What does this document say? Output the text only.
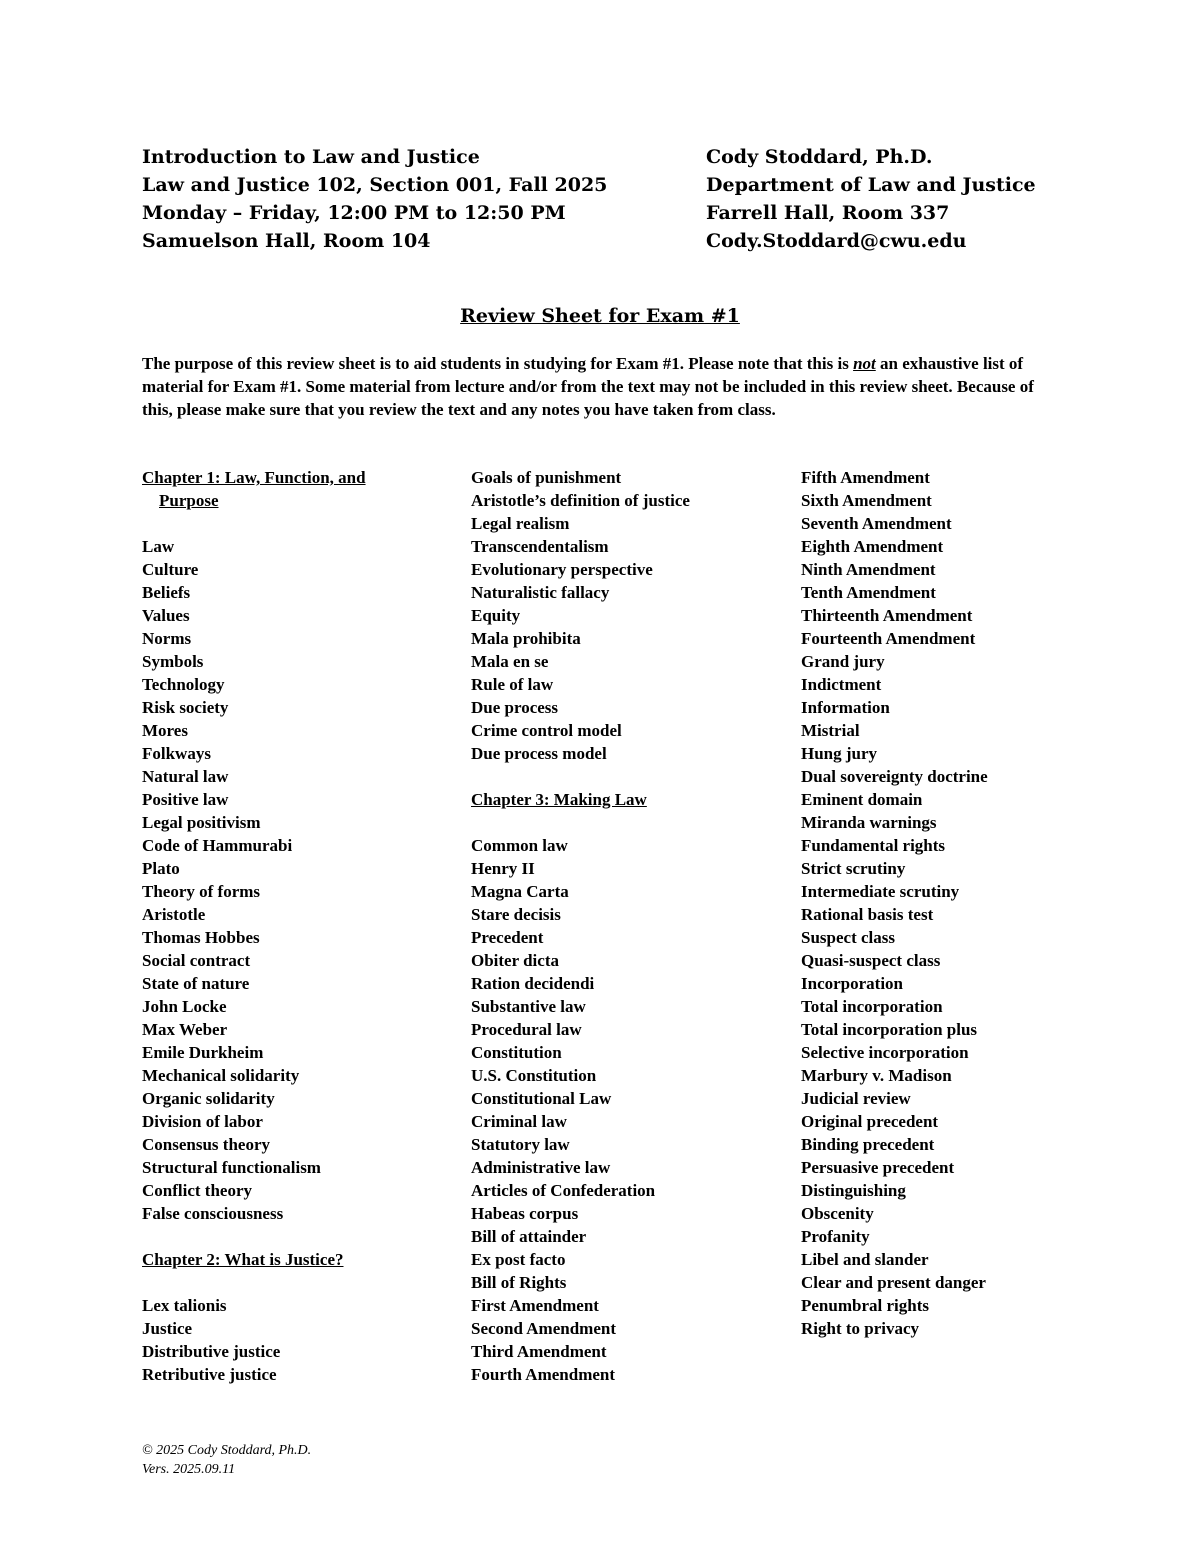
Introduction to Law and Justice
Law and Justice 102, Section 001, Fall 2025
Monday – Friday, 12:00 PM to 12:50 PM
Samuelson Hall, Room 104
Cody Stoddard, Ph.D.
Department of Law and Justice
Farrell Hall, Room 337
Cody.Stoddard@cwu.edu
Review Sheet for Exam #1
The purpose of this review sheet is to aid students in studying for Exam #1. Please note that this is not an exhaustive list of material for Exam #1. Some material from lecture and/or from the text may not be included in this review sheet. Because of this, please make sure that you review the text and any notes you have taken from class.
Chapter 1: Law, Function, and
Purpose
Law
Culture
Beliefs
Values
Norms
Symbols
Technology
Risk society
Mores
Folkways
Natural law
Positive law
Legal positivism
Code of Hammurabi
Plato
Theory of forms
Aristotle
Thomas Hobbes
Social contract
State of nature
John Locke
Max Weber
Emile Durkheim
Mechanical solidarity
Organic solidarity
Division of labor
Consensus theory
Structural functionalism
Conflict theory
False consciousness
Chapter 2: What is Justice?
Lex talionis
Justice
Distributive justice
Retributive justice
Goals of punishment
Aristotle’s definition of justice
Legal realism
Transcendentalism
Evolutionary perspective
Naturalistic fallacy
Equity
Mala prohibita
Mala en se
Rule of law
Due process
Crime control model
Due process model
Chapter 3: Making Law
Common law
Henry II
Magna Carta
Stare decisis
Precedent
Obiter dicta
Ration decidendi
Substantive law
Procedural law
Constitution
U.S. Constitution
Constitutional Law
Criminal law
Statutory law
Administrative law
Articles of Confederation
Habeas corpus
Bill of attainder
Ex post facto
Bill of Rights
First Amendment
Second Amendment
Third Amendment
Fourth Amendment
Fifth Amendment
Sixth Amendment
Seventh Amendment
Eighth Amendment
Ninth Amendment
Tenth Amendment
Thirteenth Amendment
Fourteenth Amendment
Grand jury
Indictment
Information
Mistrial
Hung jury
Dual sovereignty doctrine
Eminent domain
Miranda warnings
Fundamental rights
Strict scrutiny
Intermediate scrutiny
Rational basis test
Suspect class
Quasi-suspect class
Incorporation
Total incorporation
Total incorporation plus
Selective incorporation
Marbury v. Madison
Judicial review
Original precedent
Binding precedent
Persuasive precedent
Distinguishing
Obscenity
Profanity
Libel and slander
Clear and present danger
Penumbral rights
Right to privacy
© 2025 Cody Stoddard, Ph.D.
Vers. 2025.09.11
